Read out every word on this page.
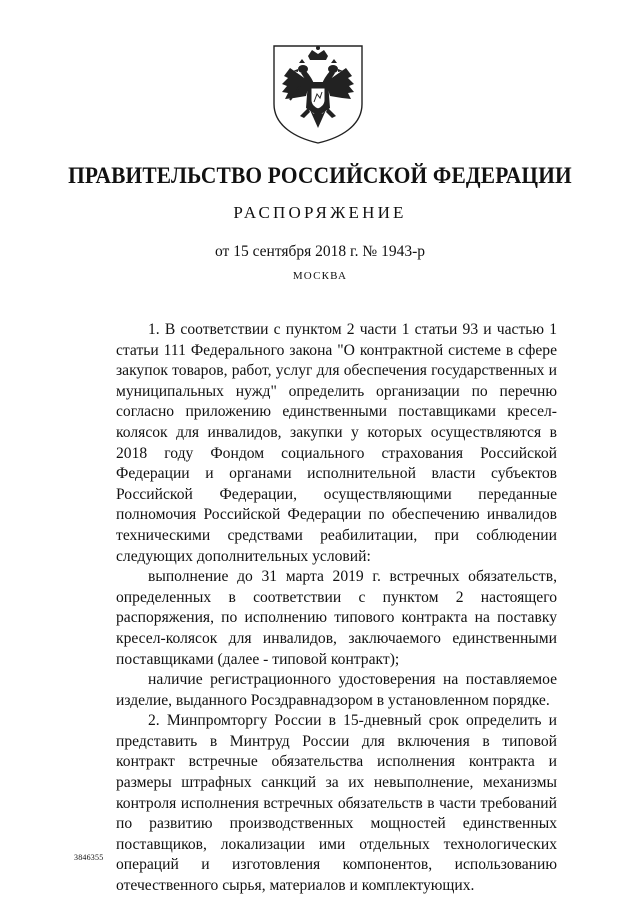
ПРАВИТЕЛЬСТВО РОССИЙСКОЙ ФЕДЕРАЦИИ
РАСПОРЯЖЕНИЕ
от 15 сентября 2018 г. № 1943-р
МОСКВА

1. В соответствии с пунктом 2 части 1 статьи 93 и частью 1 статьи 111 Федерального закона "О контрактной системе в сфере закупок товаров, работ, услуг для обеспечения государственных и муниципальных нужд" определить организации по перечню согласно приложению единственными поставщиками кресел-колясок для инвалидов, закупки у которых осуществляются в 2018 году Фондом социального страхования Российской Федерации и органами исполнительной власти субъектов Российской Федерации, осуществляющими переданные полномочия Российской Федерации по обеспечению инвалидов техническими средствами реабилитации, при соблюдении следующих дополнительных условий:

выполнение до 31 марта 2019 г. встречных обязательств, определенных в соответствии с пунктом 2 настоящего распоряжения, по исполнению типового контракта на поставку кресел-колясок для инвалидов, заключаемого единственными поставщиками (далее - типовой контракт);

наличие регистрационного удостоверения на поставляемое изделие, выданного Росздравнадзором в установленном порядке.

2. Минпромторгу России в 15-дневный срок определить и представить в Минтруд России для включения в типовой контракт встречные обязательства исполнения контракта и размеры штрафных санкций за их невыполнение, механизмы контроля исполнения встречных обязательств в части требований по развитию производственных мощностей единственных поставщиков, локализации ими отдельных технологических операций и изготовления компонентов, использованию отечественного сырья, материалов и комплектующих.

3846355
